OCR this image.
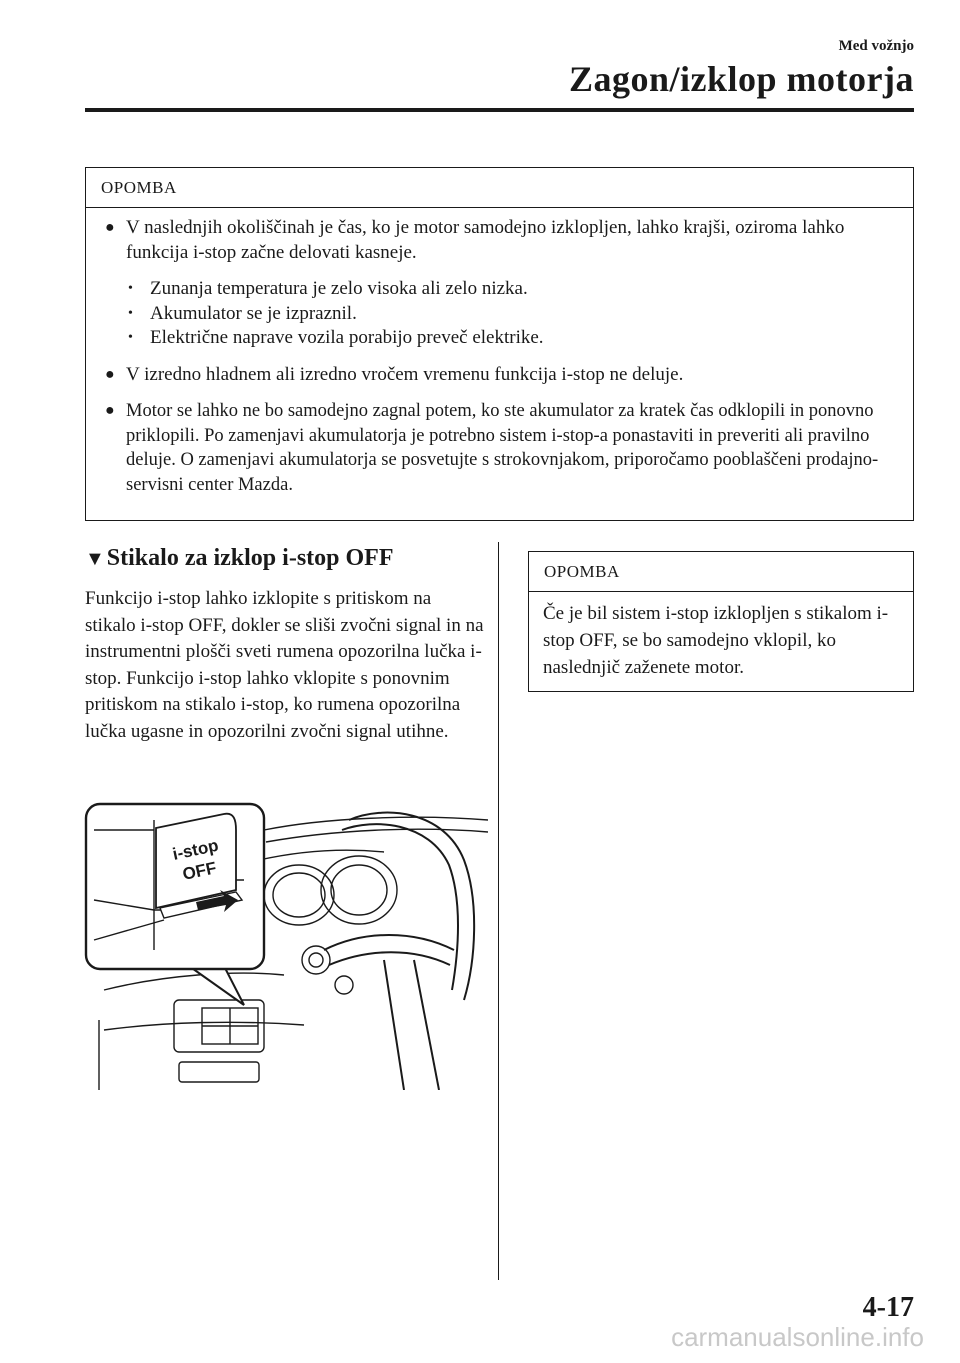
Med vožnjo
Zagon/izklop motorja
OPOMBA
● V naslednjih okoliščinah je čas, ko je motor samodejno izklopljen, lahko krajši, oziroma lahko funkcija i-stop začne delovati kasneje.
• Zunanja temperatura je zelo visoka ali zelo nizka.
• Akumulator se je izpraznil.
• Električne naprave vozila porabijo preveč elektrike.
● V izredno hladnem ali izredno vročem vremenu funkcija i-stop ne deluje.
● Motor se lahko ne bo samodejno zagnal potem, ko ste akumulator za kratek čas odklopili in ponovno priklopili. Po zamenjavi akumulatorja je potrebno sistem i-stop-a ponastaviti in preveriti ali pravilno deluje. O zamenjavi akumulatorja se posvetujte s strokovnjakom, priporočamo pooblaščeni prodajno-servisni center Mazda.
▼Stikalo za izklop i-stop OFF
Funkcijo i-stop lahko izklopite s pritiskom na stikalo i-stop OFF, dokler se sliši zvočni signal in na instrumentni plošči sveti rumena opozorilna lučka i-stop. Funkcijo i-stop lahko vklopite s ponovnim pritiskom na stikalo i-stop, ko rumena opozorilna lučka ugasne in opozorilni zvočni signal utihne.
i-stop
OFF
OPOMBA
Če je bil sistem i-stop izklopljen s stikalom i-stop OFF, se bo samodejno vklopil, ko naslednjič zaženete motor.
4-17
carmanualsonline.info
